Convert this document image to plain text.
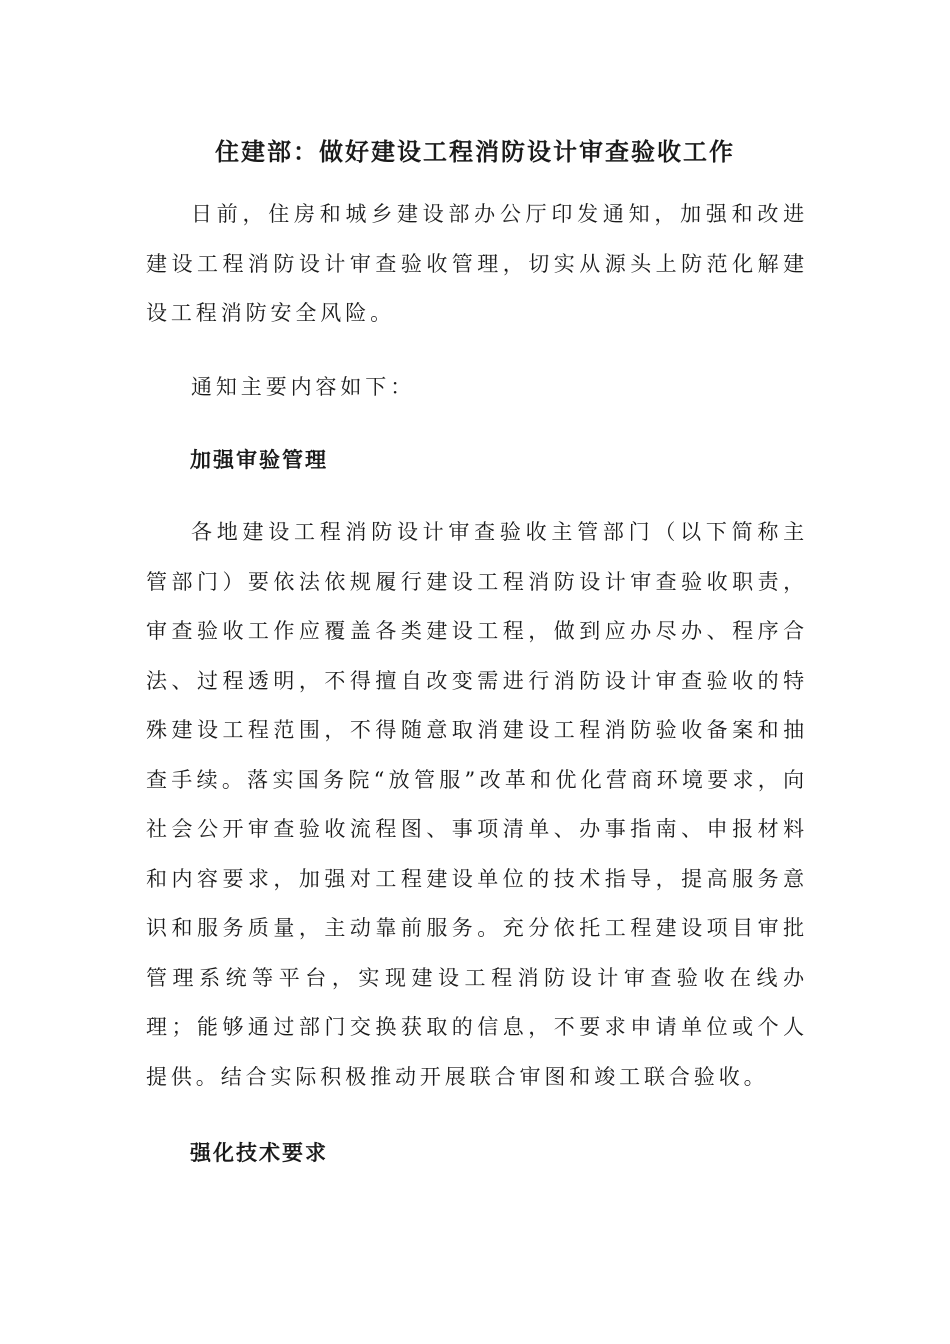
住建部：做好建设工程消防设计审查验收工作

日前，住房和城乡建设部办公厅印发通知，加强和改进建设工程消防设计审查验收管理，切实从源头上防范化解建设工程消防安全风险。

通知主要内容如下：

加强审验管理

各地建设工程消防设计审查验收主管部门（以下简称主管部门）要依法依规履行建设工程消防设计审查验收职责，审查验收工作应覆盖各类建设工程，做到应办尽办、程序合法、过程透明，不得擅自改变需进行消防设计审查验收的特殊建设工程范围，不得随意取消建设工程消防验收备案和抽查手续。落实国务院“放管服”改革和优化营商环境要求，向社会公开审查验收流程图、事项清单、办事指南、申报材料和内容要求，加强对工程建设单位的技术指导，提高服务意识和服务质量，主动靠前服务。充分依托工程建设项目审批管理系统等平台，实现建设工程消防设计审查验收在线办理；能够通过部门交换获取的信息，不要求申请单位或个人提供。结合实际积极推动开展联合审图和竣工联合验收。

强化技术要求
